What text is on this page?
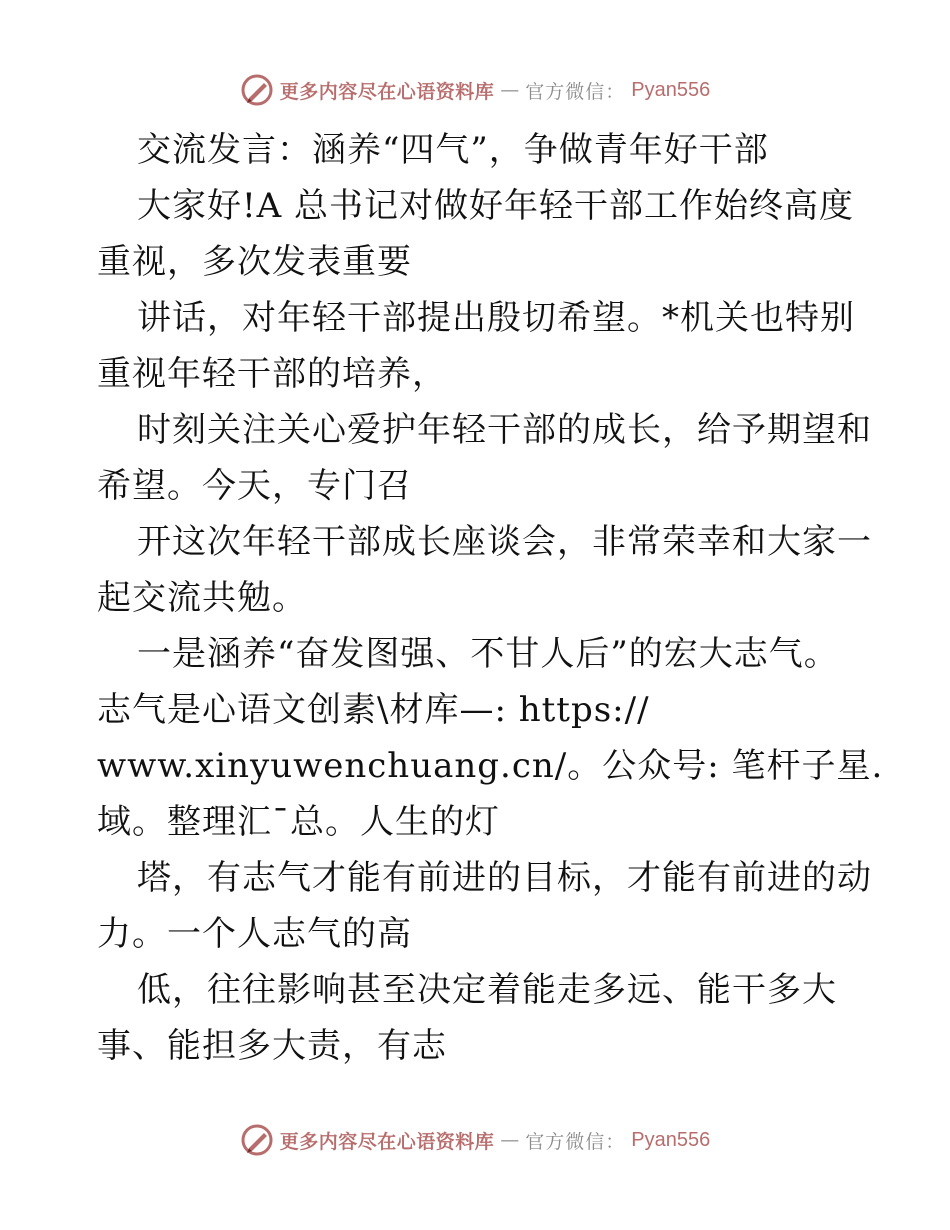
更多内容尽在心语资料库 — 官方微信： Pyan556

交流发言：涵养“四气”，争做青年好干部

大家好!A 总书记对做好年轻干部工作始终高度

重视，多次发表重要

讲话，对年轻干部提出殷切希望。*机关也特别

重视年轻干部的培养，

时刻关注关心爱护年轻干部的成长，给予期望和

希望。今天，专门召

开这次年轻干部成长座谈会，非常荣幸和大家一

起交流共勉。

一是涵养“奋发图强、不甘人后”的宏大志气。

志气是心语文创素\材库—: https://

www.xinyuwenchuang.cn/。公众号: 笔杆子星.

域。整理汇¯总。人生的灯

塔，有志气才能有前进的目标，才能有前进的动

力。一个人志气的高

低，往往影响甚至决定着能走多远、能干多大

事、能担多大责，有志

更多内容尽在心语资料库 — 官方微信： Pyan556
